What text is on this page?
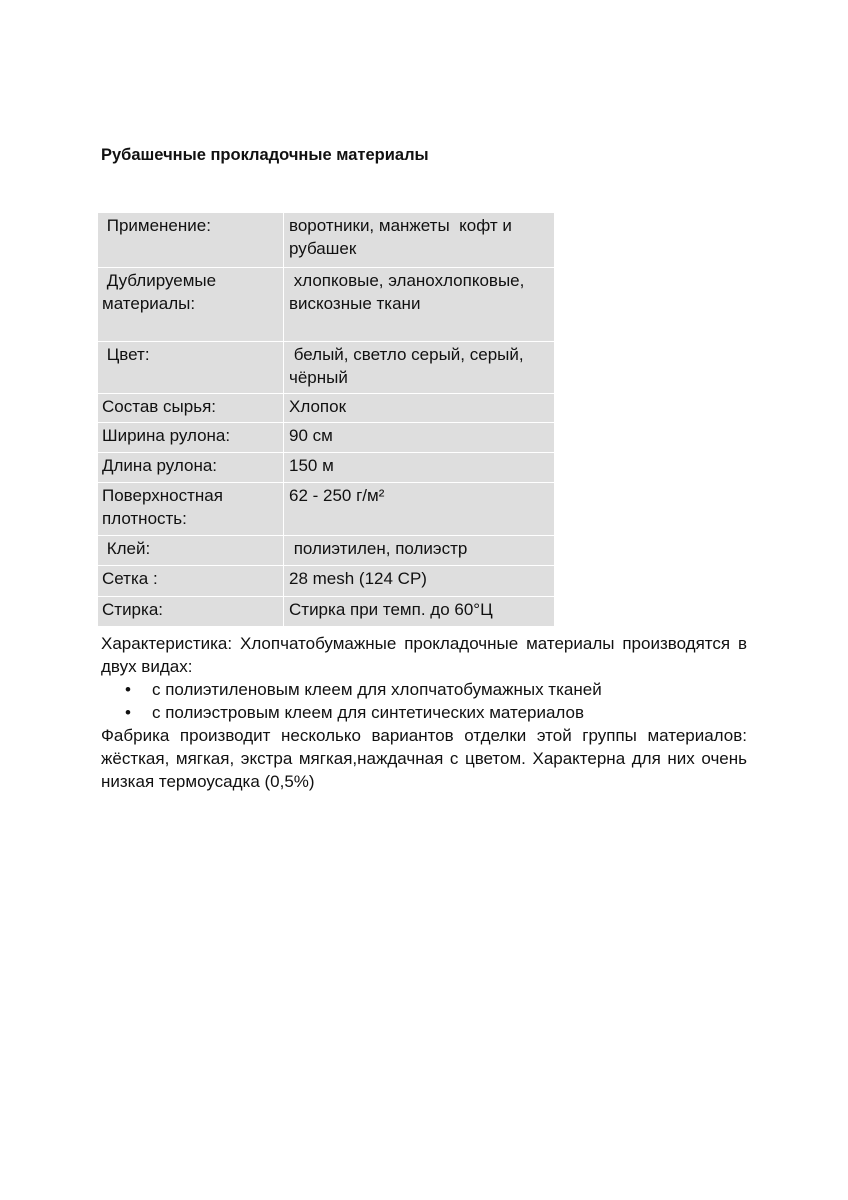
Рубашечные прокладочные материалы
Применение:	воротники, манжеты  кофт и рубашек
Дублируемые материалы:	хлопковые, эланохлопковые, вискозные ткани
Цвет:	белый, светло серый, серый, чёрный
Состав сырья:	Хлопок
Ширина рулона:	90 см
Длина рулона:	150 м
Поверхностная плотность:	62 - 250 г/м²
Клей:	полиэтилен, полиэстр
Сетка :	28 mesh (124 CP)
Стирка:	Стирка при темп. до 60°Ц

Характеристика: Хлопчатобумажные прокладочные материалы производятся в двух видах:

• с полиэтиленовым клеем для хлопчатобумажных тканей
• с полиэстровым клеем для синтетических материалов

Фабрика производит несколько вариантов отделки этой группы материалов: жёсткая, мягкая, экстра мягкая,наждачная с цветом. Характерна для них очень низкая термоусадка (0,5%)
